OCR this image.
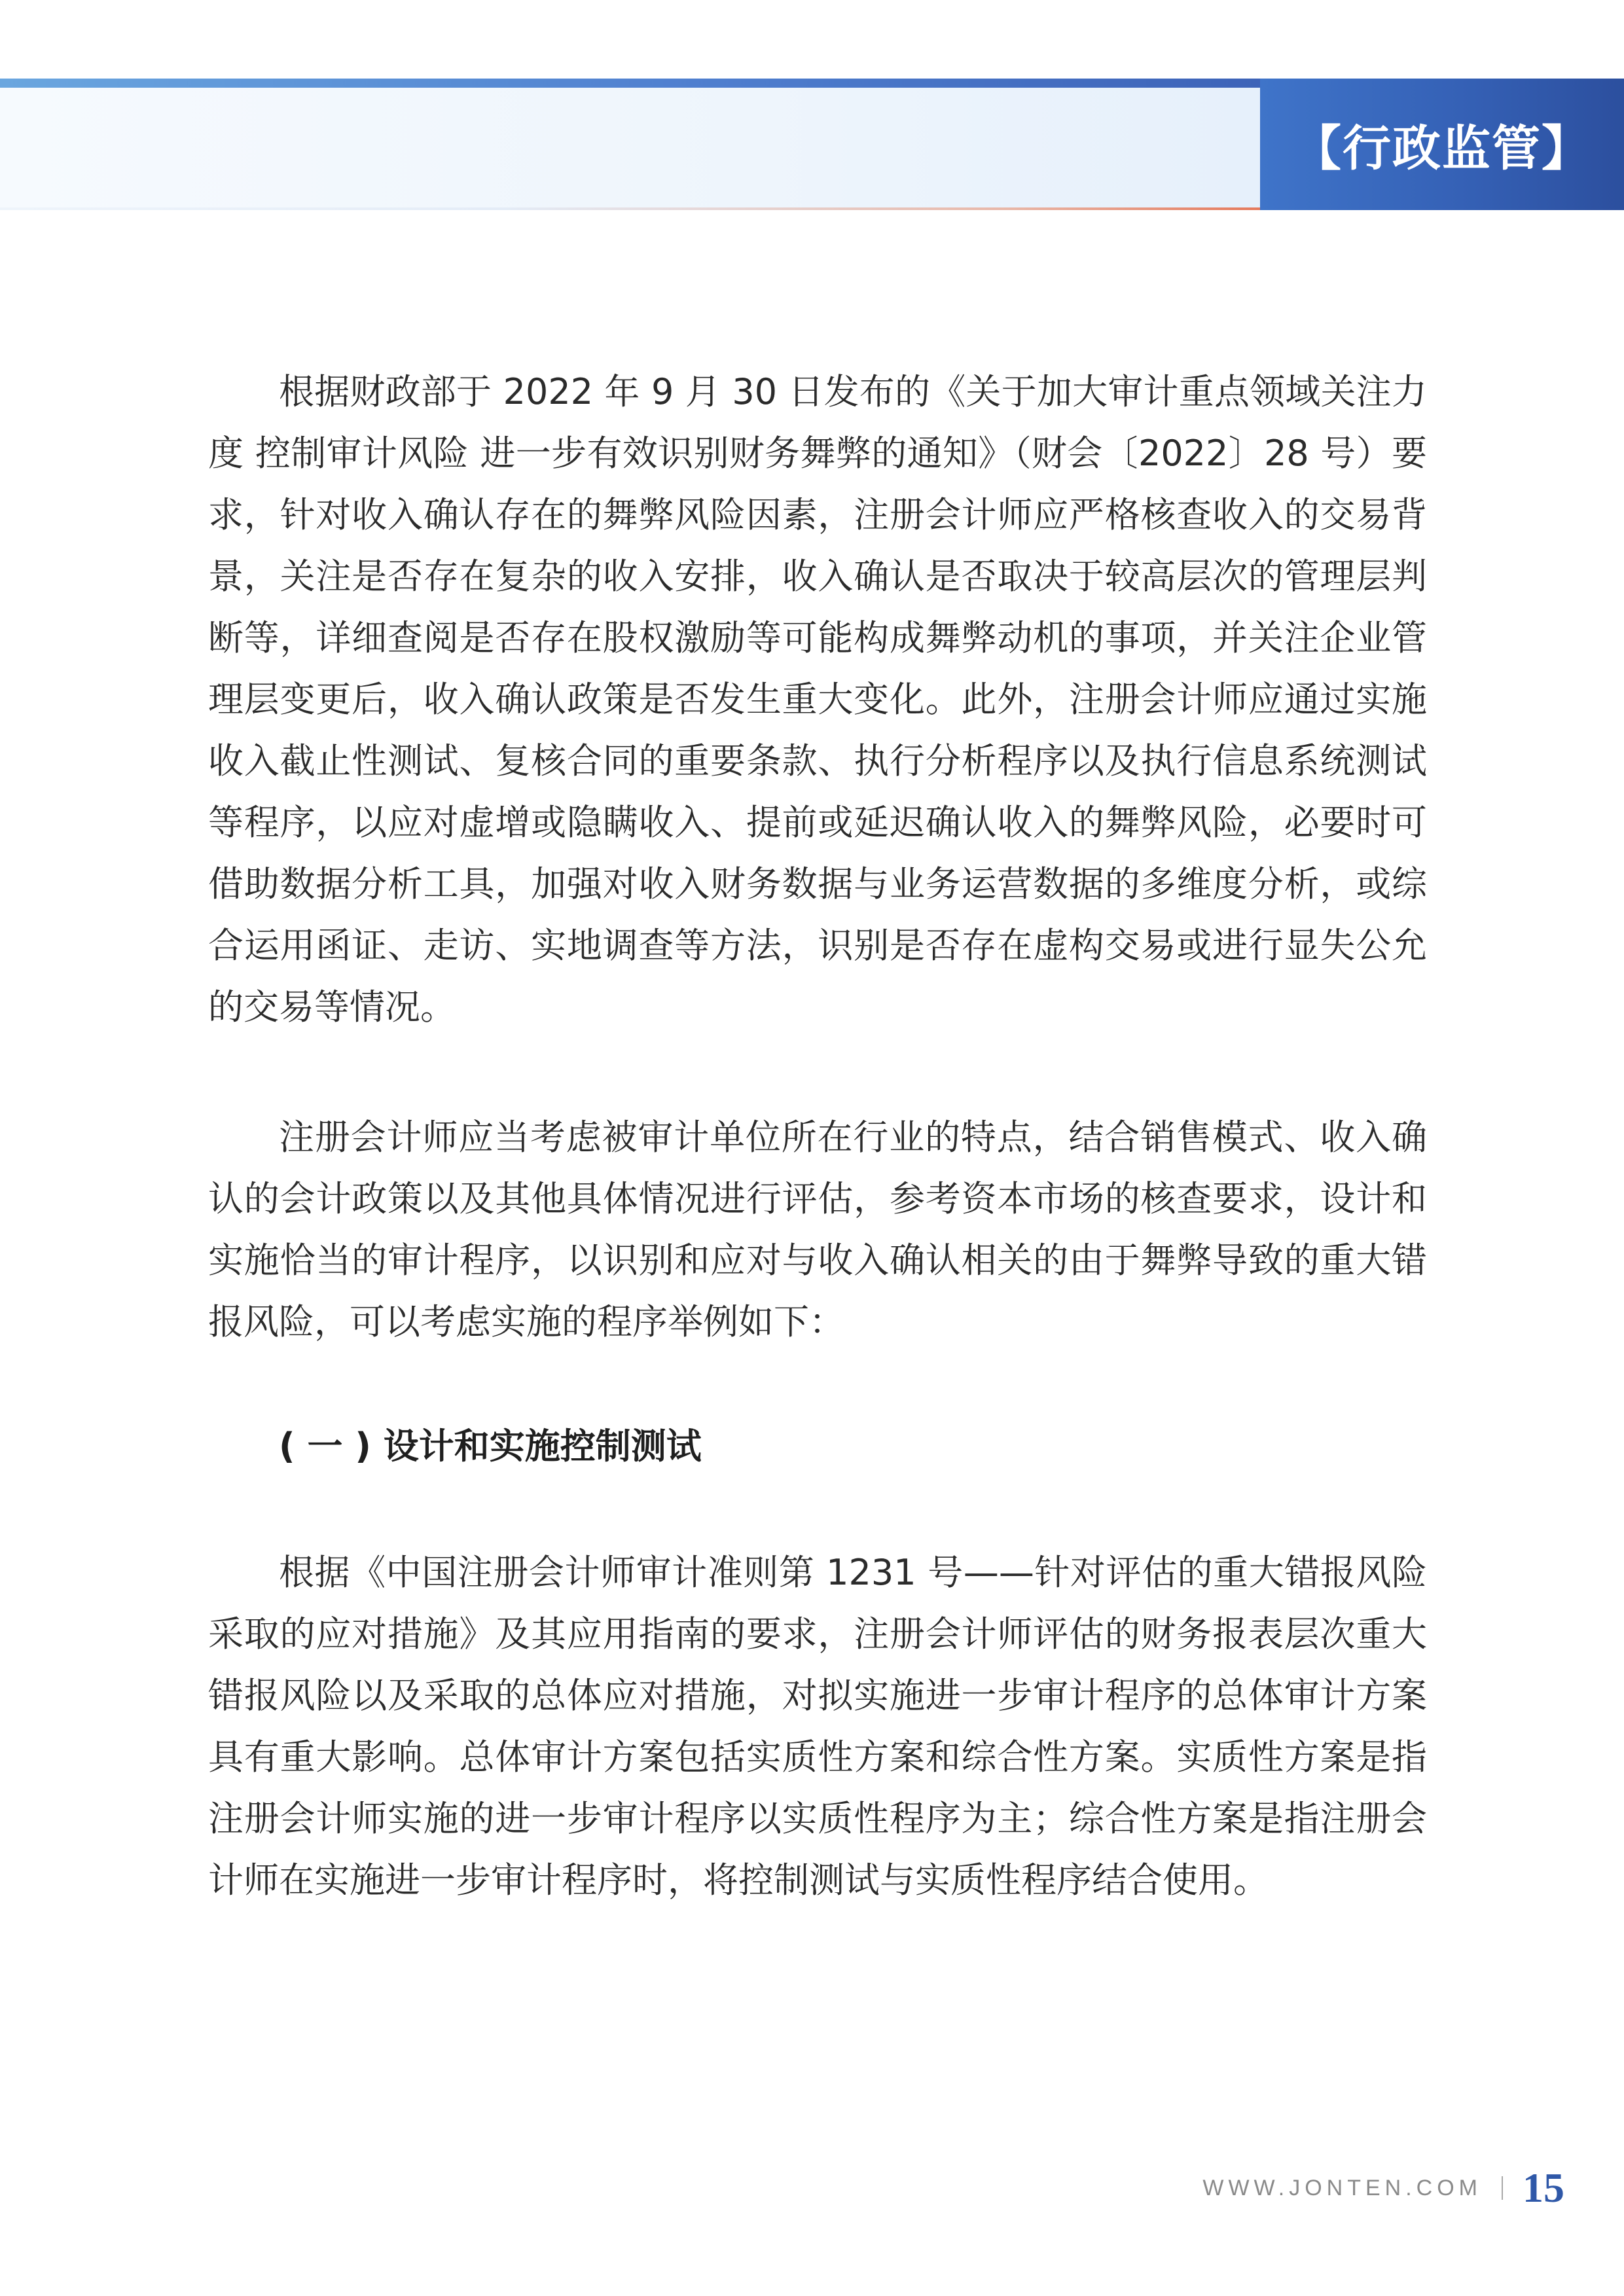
【行政监管】

根据财政部于 2022 年 9 月 30 日发布的《关于加大审计重点领域关注力度 控制审计风险 进一步有效识别财务舞弊的通知》（财会〔2022〕28 号）要求，针对收入确认存在的舞弊风险因素，注册会计师应严格核查收入的交易背景，关注是否存在复杂的收入安排，收入确认是否取决于较高层次的管理层判断等，详细查阅是否存在股权激励等可能构成舞弊动机的事项，并关注企业管理层变更后，收入确认政策是否发生重大变化。此外，注册会计师应通过实施收入截止性测试、复核合同的重要条款、执行分析程序以及执行信息系统测试等程序，以应对虚增或隐瞒收入、提前或延迟确认收入的舞弊风险，必要时可借助数据分析工具，加强对收入财务数据与业务运营数据的多维度分析，或综合运用函证、走访、实地调查等方法，识别是否存在虚构交易或进行显失公允的交易等情况。

注册会计师应当考虑被审计单位所在行业的特点，结合销售模式、收入确认的会计政策以及其他具体情况进行评估，参考资本市场的核查要求，设计和实施恰当的审计程序，以识别和应对与收入确认相关的由于舞弊导致的重大错报风险，可以考虑实施的程序举例如下：

( 一 ) 设计和实施控制测试

根据《中国注册会计师审计准则第 1231 号——针对评估的重大错报风险采取的应对措施》及其应用指南的要求，注册会计师评估的财务报表层次重大错报风险以及采取的总体应对措施，对拟实施进一步审计程序的总体审计方案具有重大影响。总体审计方案包括实质性方案和综合性方案。实质性方案是指注册会计师实施的进一步审计程序以实质性程序为主；综合性方案是指注册会计师在实施进一步审计程序时，将控制测试与实质性程序结合使用。

WWW.JONTEN.COM 15
